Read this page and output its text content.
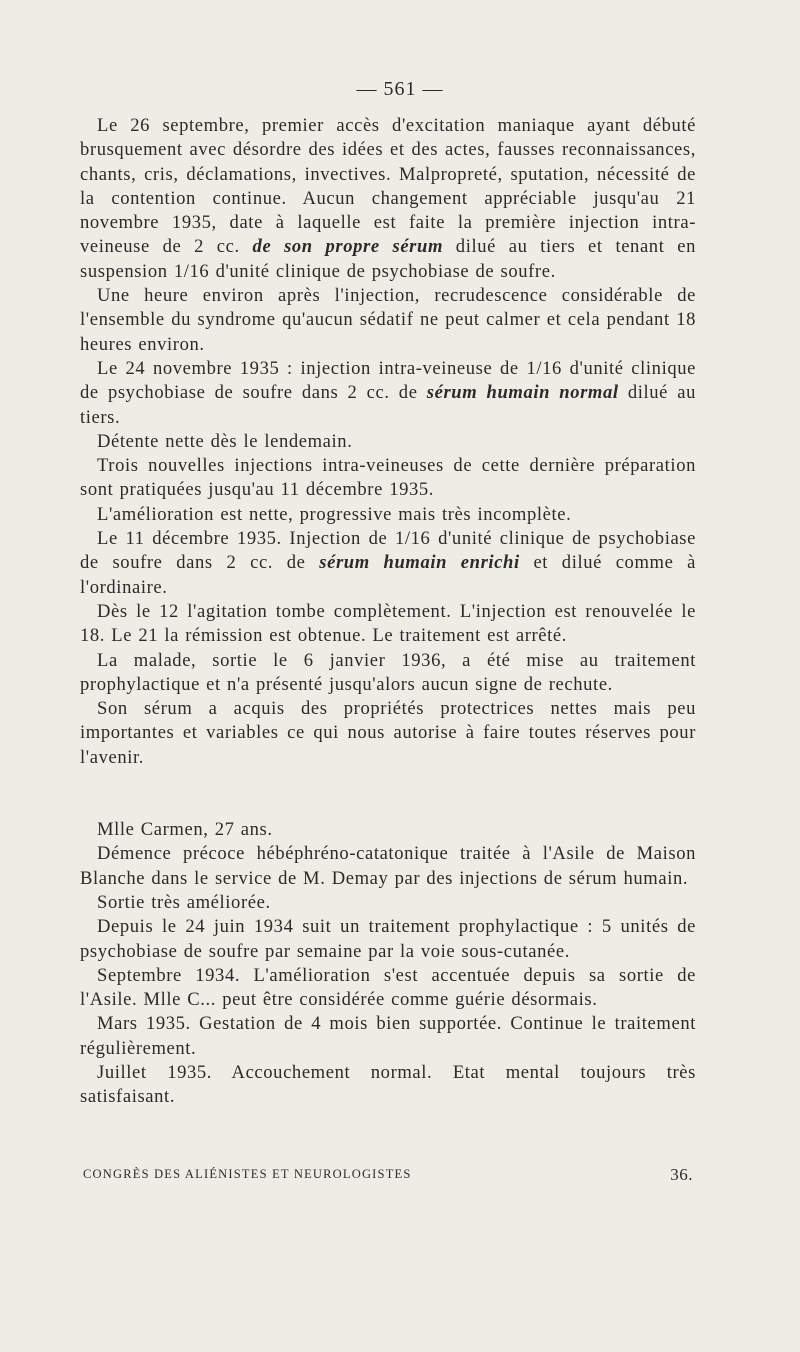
— 561 —

Le 26 septembre, premier accès d'excitation maniaque ayant débuté brusquement avec désordre des idées et des actes, fausses reconnaissances, chants, cris, déclamations, invectives. Malpropreté, sputation, nécessité de la contention continue. Aucun changement appréciable jusqu'au 21 novembre 1935, date à laquelle est faite la première injection intra-veineuse de 2 cc. de son propre sérum dilué au tiers et tenant en suspension 1/16 d'unité clinique de psychobiase de soufre.

Une heure environ après l'injection, recrudescence considérable de l'ensemble du syndrome qu'aucun sédatif ne peut calmer et cela pendant 18 heures environ.

Le 24 novembre 1935 : injection intra-veineuse de 1/16 d'unité clinique de psychobiase de soufre dans 2 cc. de sérum humain normal dilué au tiers.

Détente nette dès le lendemain.

Trois nouvelles injections intra-veineuses de cette dernière préparation sont pratiquées jusqu'au 11 décembre 1935.

L'amélioration est nette, progressive mais très incomplète.

Le 11 décembre 1935. Injection de 1/16 d'unité clinique de psychobiase de soufre dans 2 cc. de sérum humain enrichi et dilué comme à l'ordinaire.

Dès le 12 l'agitation tombe complètement. L'injection est renouvelée le 18. Le 21 la rémission est obtenue. Le traitement est arrêté.

La malade, sortie le 6 janvier 1936, a été mise au traitement prophylactique et n'a présenté jusqu'alors aucun signe de rechute.

Son sérum a acquis des propriétés protectrices nettes mais peu importantes et variables ce qui nous autorise à faire toutes réserves pour l'avenir.

Mlle Carmen, 27 ans.

Démence précoce hébéphréno-catatonique traitée à l'Asile de Maison Blanche dans le service de M. Demay par des injections de sérum humain.

Sortie très améliorée.

Depuis le 24 juin 1934 suit un traitement prophylactique : 5 unités de psychobiase de soufre par semaine par la voie sous-cutanée.

Septembre 1934. L'amélioration s'est accentuée depuis sa sortie de l'Asile. Mlle C... peut être considérée comme guérie désormais.

Mars 1935. Gestation de 4 mois bien supportée. Continue le traitement régulièrement.

Juillet 1935. Accouchement normal. Etat mental toujours très satisfaisant.

CONGRÈS DES ALIÉNISTES ET NEUROLOGISTES	36.
